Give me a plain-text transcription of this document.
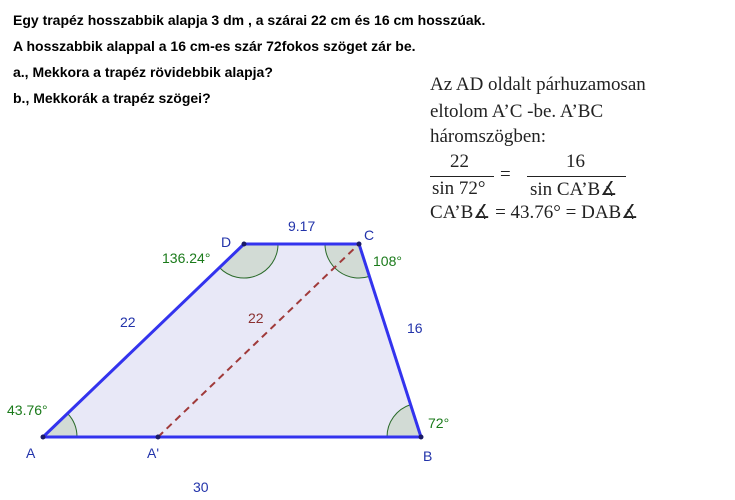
Egy trapéz hosszabbik alapja 3 dm , a szárai 22 cm és 16 cm hosszúak.
A hosszabbik alappal a 16 cm-es szár 72fokos szöget zár be.
a., Mekkora a trapéz rövidebbik alapja?
b., Mekkorák a trapéz szögei?
Az AD oldalt párhuzamosan
eltolom A’C -be. A’BC
háromszögben:
22
sin 72°
=
16
sin CA’B∡
CA’B∡ = 43.76° = DAB∡
A	A'	B
C
D
22	16
9.17
30
22
43.76°
72°
108°
136.24°
